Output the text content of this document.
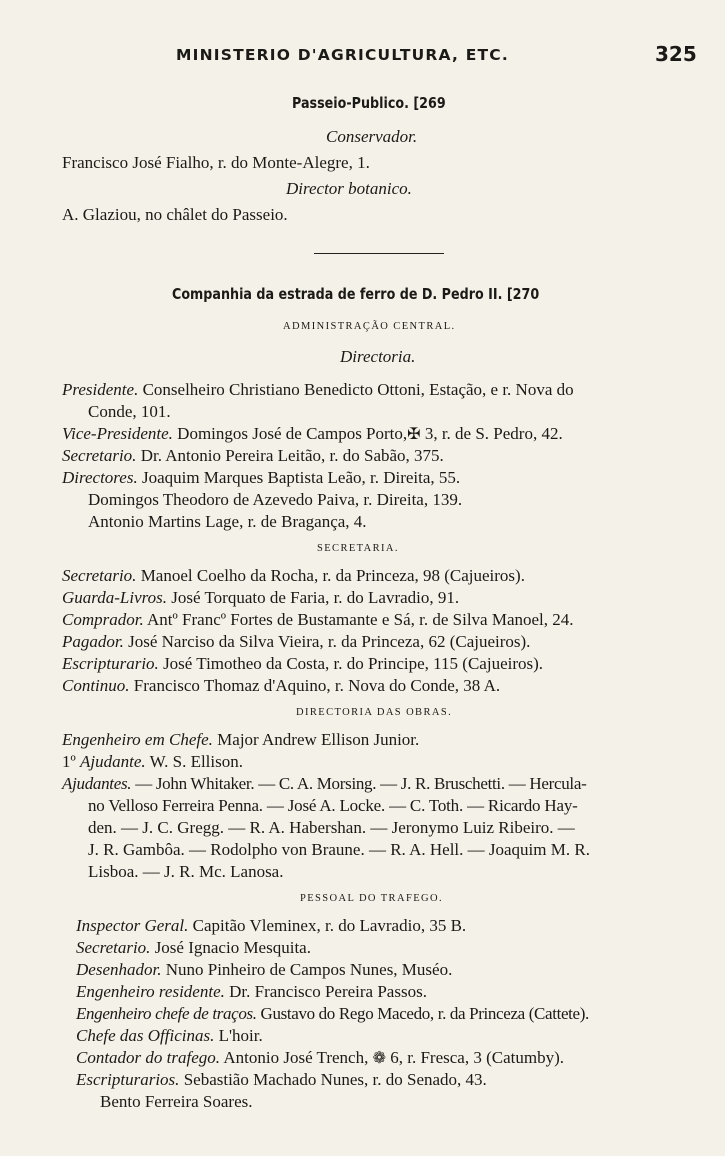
MINISTERIO D'AGRICULTURA, ETC.	325
Passeio-Publico. [269
Conservador.
Francisco José Fialho, r. do Monte-Alegre, 1.
Director botanico.
A. Glaziou, no châlet do Passeio.
Companhia da estrada de ferro de D. Pedro II. [270
ADMINISTRAÇÃO CENTRAL.
Directoria.
Presidente. Conselheiro Christiano Benedicto Ottoni, Estação, e r. Nova do
Conde, 101.
Vice-Presidente. Domingos José de Campos Porto,✠ 3, r. de S. Pedro, 42.
Secretario. Dr. Antonio Pereira Leitão, r. do Sabão, 375.
Directores. Joaquim Marques Baptista Leão, r. Direita, 55.
Domingos Theodoro de Azevedo Paiva, r. Direita, 139.
Antonio Martins Lage, r. de Bragança, 4.
SECRETARIA.
Secretario. Manoel Coelho da Rocha, r. da Princeza, 98 (Cajueiros).
Guarda-Livros. José Torquato de Faria, r. do Lavradio, 91.
Comprador. Antº Francº Fortes de Bustamante e Sá, r. de Silva Manoel, 24.
Pagador. José Narciso da Silva Vieira, r. da Princeza, 62 (Cajueiros).
Escripturario. José Timotheo da Costa, r. do Principe, 115 (Cajueiros).
Continuo. Francisco Thomaz d'Aquino, r. Nova do Conde, 38 A.
DIRECTORIA DAS OBRAS.
Engenheiro em Chefe. Major Andrew Ellison Junior.
1º Ajudante. W. S. Ellison.
Ajudantes. — John Whitaker. — C. A. Morsing. — J. R. Bruschetti. — Hercula-
no Velloso Ferreira Penna. — José A. Locke. — C. Toth. — Ricardo Hay-
den. — J. C. Gregg. — R. A. Habershan. — Jeronymo Luiz Ribeiro. —
J. R. Gambôa. — Rodolpho von Braune. — R. A. Hell. — Joaquim M. R.
Lisboa. — J. R. Mc. Lanosa.
PESSOAL DO TRAFEGO.
Inspector Geral. Capitão Vleminex, r. do Lavradio, 35 B.
Secretario. José Ignacio Mesquita.
Desenhador. Nuno Pinheiro de Campos Nunes, Muséo.
Engenheiro residente. Dr. Francisco Pereira Passos.
Engenheiro chefe de traços. Gustavo do Rego Macedo, r. da Princeza (Cattete).
Chefe das Officinas. L'hoir.
Contador do trafego. Antonio José Trench, ❁ 6, r. Fresca, 3 (Catumby).
Escripturarios. Sebastião Machado Nunes, r. do Senado, 43.
Bento Ferreira Soares.
